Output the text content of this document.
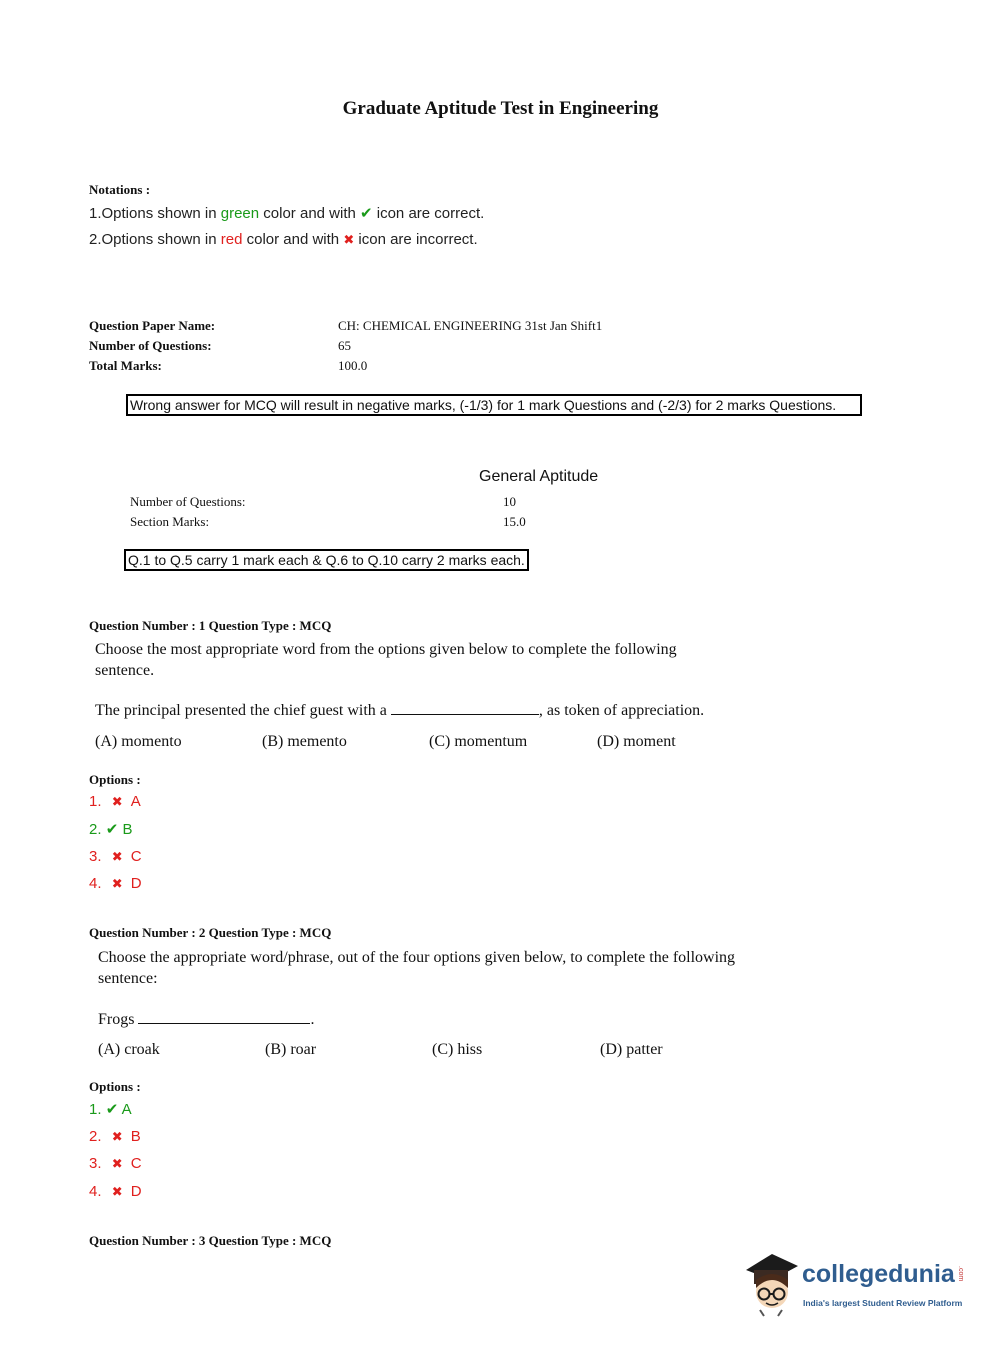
Graduate Aptitude Test in Engineering
Notations :
1.Options shown in green color and with ✔ icon are correct.
2.Options shown in red color and with ✖ icon are incorrect.
Question Paper Name:	CH: CHEMICAL ENGINEERING 31st Jan Shift1
Number of Questions:	65
Total Marks:	100.0
Wrong answer for MCQ will result in negative marks, (-1/3) for 1 mark Questions and (-2/3) for 2 marks Questions.
General Aptitude
Number of Questions:	10
Section Marks:	15.0
Q.1 to Q.5 carry 1 mark each & Q.6 to Q.10 carry 2 marks each.
Question Number : 1 Question Type : MCQ
Choose the most appropriate word from the options given below to complete the following
sentence.
The principal presented the chief guest with a	, as token of appreciation.
(A) momento	(B) memento	(C) momentum	(D) moment
Options :
1. ✖ A
2. ✔ B
3. ✖ C
4. ✖ D
Question Number : 2 Question Type : MCQ
Choose the appropriate word/phrase, out of the four options given below, to complete the following
sentence:
Frogs	.
(A) croak	(B) roar	(C) hiss	(D) patter
Options :
1. ✔ A
2. ✖ B
3. ✖ C
4. ✖ D
Question Number : 3 Question Type : MCQ
collegedunia .com
India's largest Student Review Platform
